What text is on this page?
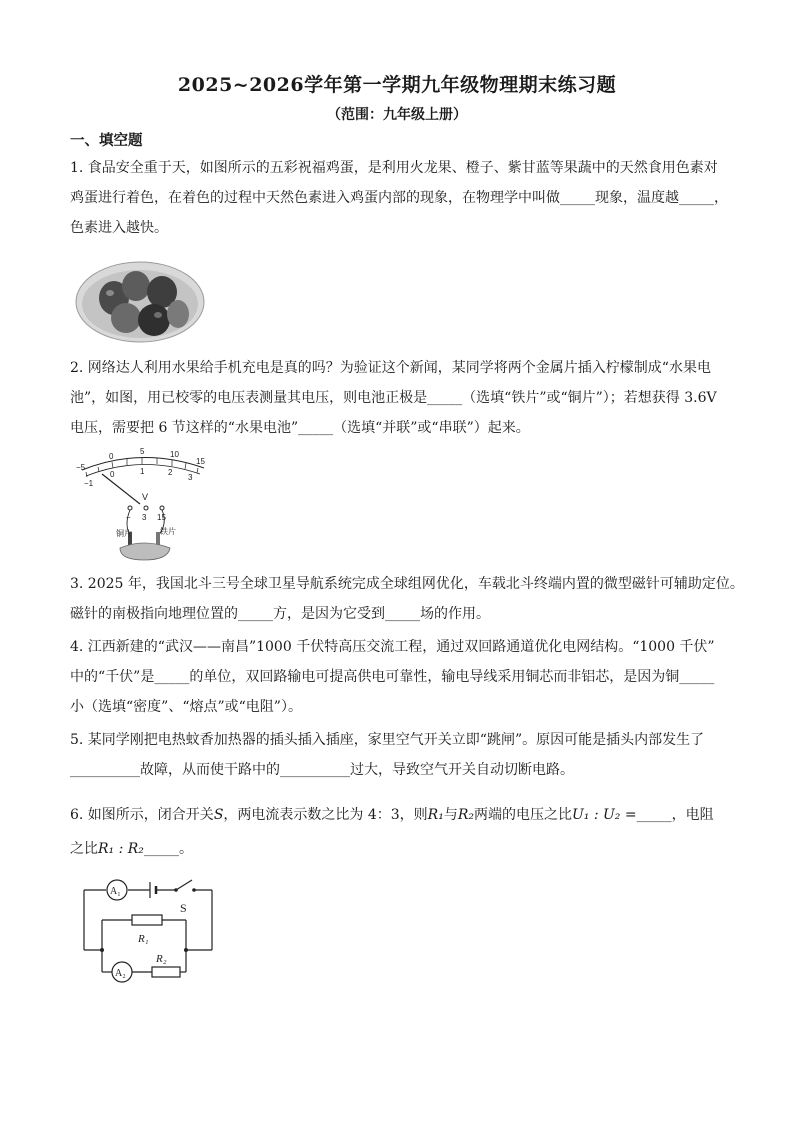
2025~2026学年第一学期九年级物理期末练习题
（范围：九年级上册）
一、填空题
1. 食品安全重于天，如图所示的五彩祝福鸡蛋，是利用火龙果、橙子、紫甘蓝等果蔬中的天然食用色素对
鸡蛋进行着色，在着色的过程中天然色素进入鸡蛋内部的现象，在物理学中叫做_____现象，温度越_____，
色素进入越快。
2. 网络达人利用水果给手机充电是真的吗？为验证这个新闻，某同学将两个金属片插入柠檬制成“水果电
池”，如图，用已校零的电压表测量其电压，则电池正极是_____（选填“铁片”或“铜片”）；若想获得 3.6V
电压，需要把 6 节这样的“水果电池”_____（选填“并联”或“串联”）起来。
−5
0
5	10
15
−1
0	1	2
3
V
− 3 15
铜片	铁片
3. 2025 年，我国北斗三号全球卫星导航系统完成全球组网优化，车载北斗终端内置的微型磁针可辅助定位。
磁针的南极指向地理位置的_____方，是因为它受到_____场的作用。
4. 江西新建的“武汉——南昌”1000 千伏特高压交流工程，通过双回路通道优化电网结构。“1000 千伏”
中的“千伏”是_____的单位，双回路输电可提高供电可靠性，输电导线采用铜芯而非铝芯，是因为铜_____
小（选填“密度”、“熔点”或“电阻”）。
5. 某同学刚把电热蚊香加热器的插头插入插座，家里空气开关立即“跳闸”。原因可能是插头内部发生了
__________故障，从而使干路中的__________过大，导致空气开关自动切断电路。
6. 如图所示，闭合开关S，两电流表示数之比为 4：3，则R₁与R₂两端的电压之比U₁ : U₂ =_____，电阻
之比R₁ : R₂_____。
A₁
A₂
S
R₁
R₂
